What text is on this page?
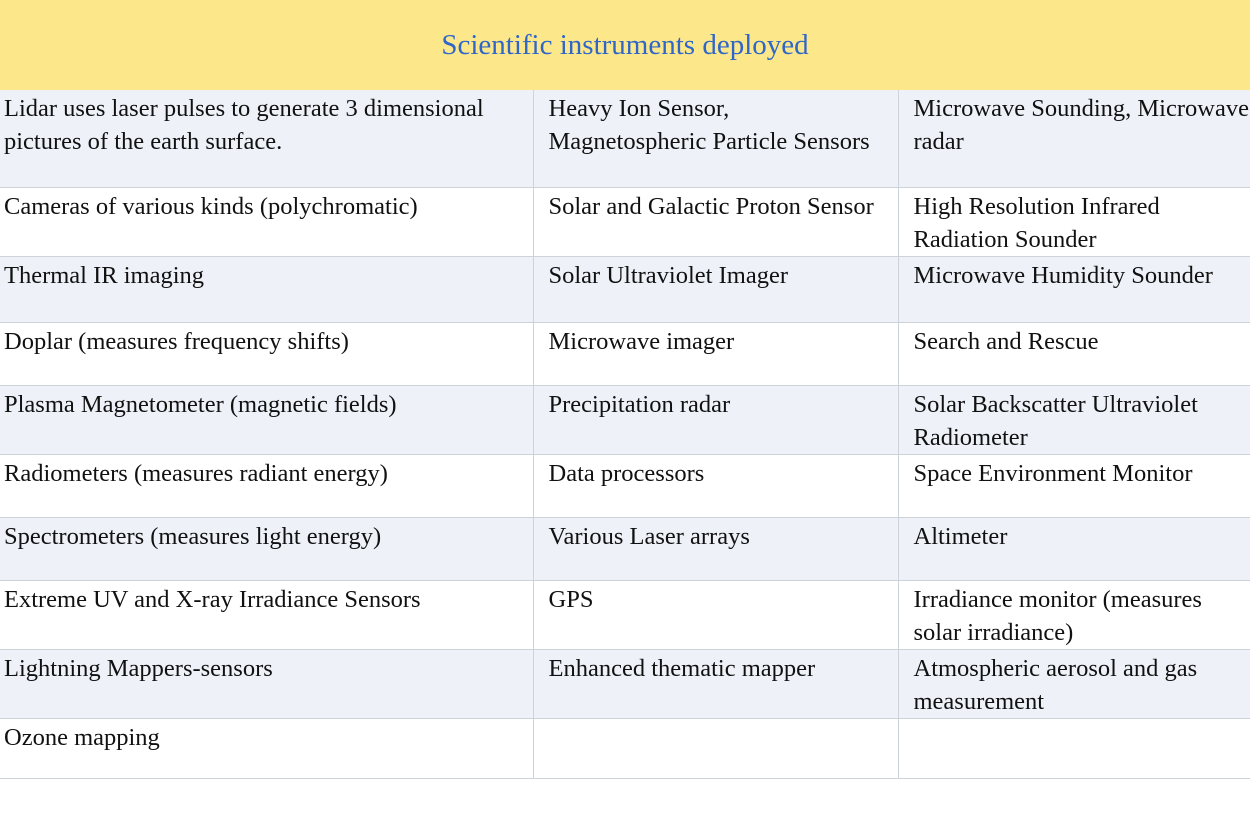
Scientific instruments deployed
Lidar uses laser pulses to generate 3 dimensional pictures of the earth surface.	Heavy Ion Sensor, Magnetospheric Particle Sensors	Microwave Sounding, Microwave radar
Cameras of various kinds (polychromatic)	Solar and Galactic Proton Sensor	High Resolution Infrared Radiation Sounder
Thermal IR imaging	Solar Ultraviolet Imager	Microwave Humidity Sounder
Doplar (measures frequency shifts)	Microwave imager	Search and Rescue
Plasma Magnetometer (magnetic fields)	Precipitation radar	Solar Backscatter Ultraviolet Radiometer
Radiometers (measures radiant energy)	Data processors	Space Environment Monitor
Spectrometers (measures light energy)	Various Laser arrays	Altimeter
Extreme UV and X-ray Irradiance Sensors	GPS	Irradiance monitor (measures solar irradiance)
Lightning Mappers-sensors	Enhanced thematic mapper	Atmospheric aerosol and gas measurement
Ozone mapping		
